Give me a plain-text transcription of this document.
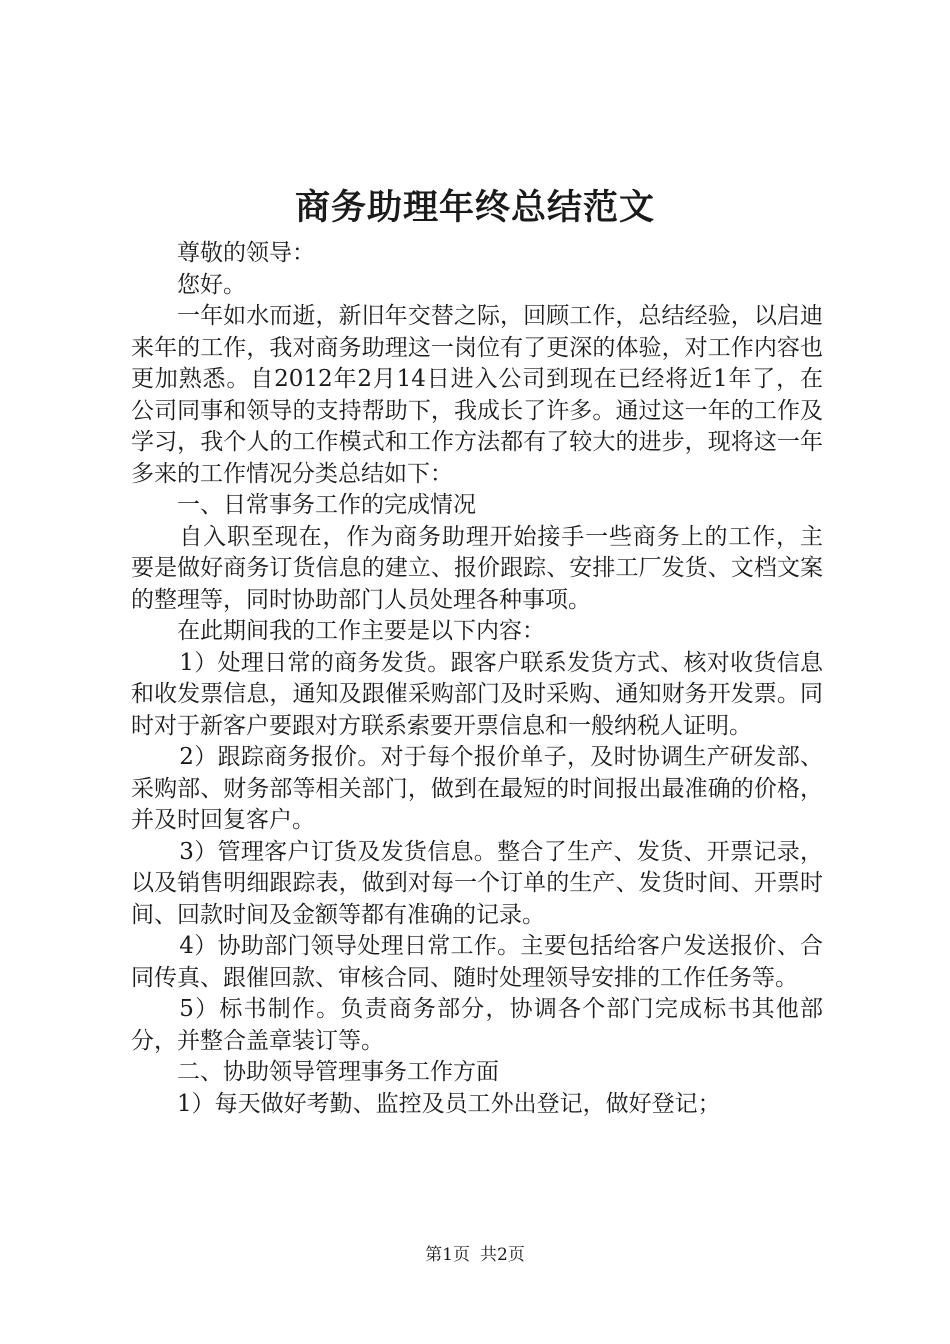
商务助理年终总结范文

尊敬的领导：

您好。

一年如水而逝，新旧年交替之际，回顾工作，总结经验，以启迪来年的工作，我对商务助理这一岗位有了更深的体验，对工作内容也更加熟悉。自2012年2月14日进入公司到现在已经将近1年了，在公司同事和领导的支持帮助下，我成长了许多。通过这一年的工作及学习，我个人的工作模式和工作方法都有了较大的进步，现将这一年多来的工作情况分类总结如下：

一、日常事务工作的完成情况

自入职至现在，作为商务助理开始接手一些商务上的工作，主要是做好商务订货信息的建立、报价跟踪、安排工厂发货、文档文案的整理等，同时协助部门人员处理各种事项。

在此期间我的工作主要是以下内容：

1）处理日常的商务发货。跟客户联系发货方式、核对收货信息和收发票信息，通知及跟催采购部门及时采购、通知财务开发票。同时对于新客户要跟对方联系索要开票信息和一般纳税人证明。

2）跟踪商务报价。对于每个报价单子，及时协调生产研发部、采购部、财务部等相关部门，做到在最短的时间报出最准确的价格，并及时回复客户。

3）管理客户订货及发货信息。整合了生产、发货、开票记录，以及销售明细跟踪表，做到对每一个订单的生产、发货时间、开票时间、回款时间及金额等都有准确的记录。

4）协助部门领导处理日常工作。主要包括给客户发送报价、合同传真、跟催回款、审核合同、随时处理领导安排的工作任务等。

5）标书制作。负责商务部分，协调各个部门完成标书其他部分，并整合盖章装订等。

二、协助领导管理事务工作方面

1）每天做好考勤、监控及员工外出登记，做好登记；

第1页 共2页
